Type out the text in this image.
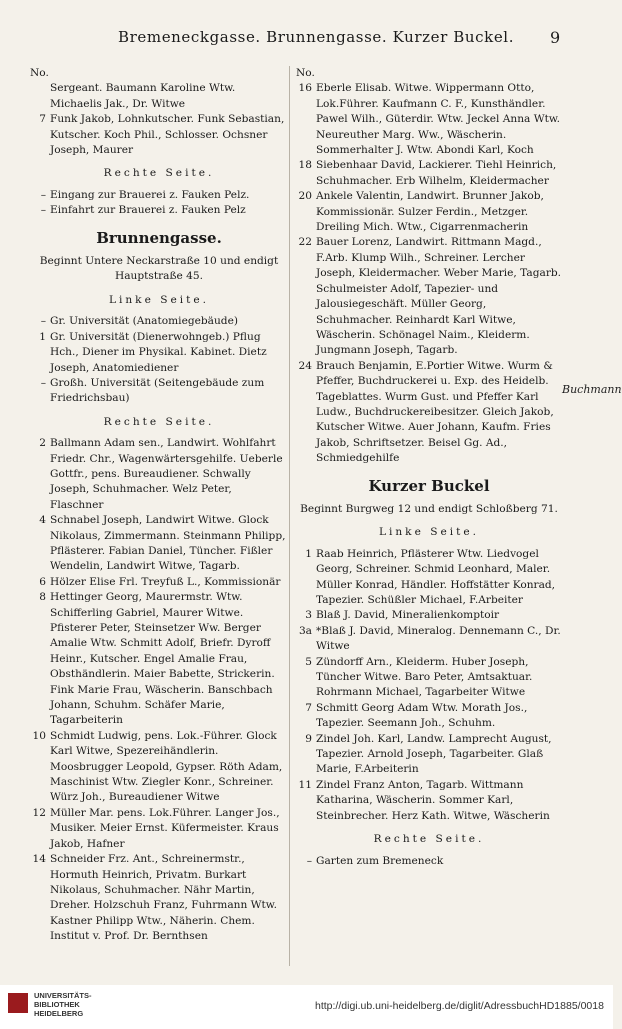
Bremeneckgasse. Brunnengasse. Kurzer Buckel. 9
No.

Sergeant. Baumann Karoline Wtw. Michaelis Jak., Dr. Witwe

7 Funk Jakob, Lohnkutscher. Funk Sebastian, Kutscher. Koch Phil., Schlosser. Ochsner Joseph, Maurer

Rechte Seite.
– Eingang zur Brauerei z. Fauken Pelz.

– Einfahrt zur Brauerei z. Fauken Pelz

Brunnengasse.
Beginnt Untere Neckarstraße 10 und endigt Hauptstraße 45.
Linke Seite.
– Gr. Universität (Anatomiegebäude)

1 Gr. Universität (Dienerwohngeb.) Pflug Hch., Diener im Physikal. Kabinet. Dietz Joseph, Anatomiediener

– Großh. Universität (Seitengebäude zum Friedrichsbau)

Rechte Seite.
2 Ballmann Adam sen., Landwirt. Wohlfahrt Friedr. Chr., Wagenwärtersgehilfe. Ueberle Gottfr., pens. Bureaudiener. Schwally Joseph, Schuhmacher. Welz Peter, Flaschner

4 Schnabel Joseph, Landwirt Witwe. Glock Nikolaus, Zimmermann. Steinmann Philipp, Pflästerer. Fabian Daniel, Tüncher. Fißler Wendelin, Landwirt Witwe, Tagarb.

6 Hölzer Elise Frl. Treyfuß L., Kommissionär

8 Hettinger Georg, Maurermstr. Wtw. Schifferling Gabriel, Maurer Witwe. Pfisterer Peter, Steinsetzer Ww. Berger Amalie Wtw. Schmitt Adolf, Briefr. Dyroff Heinr., Kutscher. Engel Amalie Frau, Obsthändlerin. Maier Babette, Strickerin. Fink Marie Frau, Wäscherin. Banschbach Johann, Schuhm. Schäfer Marie, Tagarbeiterin

10 Schmidt Ludwig, pens. Lok.-Führer. Glock Karl Witwe, Spezereihändlerin. Moosbrugger Leopold, Gypser. Röth Adam, Maschinist Wtw. Ziegler Konr., Schreiner. Würz Joh., Bureaudiener Witwe

12 Müller Mar. pens. Lok.Führer. Langer Jos., Musiker. Meier Ernst. Küfermeister. Kraus Jakob, Hafner

14 Schneider Frz. Ant., Schreinermstr., Hormuth Heinrich, Privatm. Burkart Nikolaus, Schuhmacher. Nähr Martin, Dreher. Holzschuh Franz, Fuhrmann Wtw. Kastner Philipp Wtw., Näherin. Chem. Institut v. Prof. Dr. Bernthsen

No.
16 Eberle Elisab. Witwe. Wippermann Otto, Lok.Führer. Kaufmann C. F., Kunsthändler. Pawel Wilh., Güterdir. Wtw. Jeckel Anna Wtw. Neureuther Marg. Ww., Wäscherin. Sommerhalter J. Wtw. Abondi Karl, Koch

18 Siebenhaar David, Lackierer. Tiehl Heinrich, Schuhmacher. Erb Wilhelm, Kleidermacher

20 Ankele Valentin, Landwirt. Brunner Jakob, Kommissionär. Sulzer Ferdin., Metzger. Dreiling Mich. Wtw., Cigarrenmacherin

22 Bauer Lorenz, Landwirt. Rittmann Magd., F.Arb. Klump Wilh., Schreiner. Lercher Joseph, Kleidermacher. Weber Marie, Tagarb. Schulmeister Adolf, Tapezier- und Jalousiegeschäft. Müller Georg, Schuhmacher. Reinhardt Karl Witwe, Wäscherin. Schönagel Naim., Kleiderm. Jungmann Joseph, Tagarb.

24 Brauch Benjamin, E.Portier Witwe. Wurm & Pfeffer, Buchdruckerei u. Exp. des Heidelb. Tageblattes. Wurm Gust. und Pfeffer Karl Ludw., Buchdruckereibesitzer. Gleich Jakob, Kutscher Witwe. Auer Johann, Kaufm. Fries Jakob, Schriftsetzer. Beisel Gg. Ad., Schmiedgehilfe

Kurzer Buckel
Beginnt Burgweg 12 und endigt Schloßberg 71.
Linke Seite.
1 Raab Heinrich, Pflästerer Wtw. Liedvogel Georg, Schreiner. Schmid Leonhard, Maler. Müller Konrad, Händler. Hoffstätter Konrad, Tapezier. Schüßler Michael, F.Arbeiter

3 Blaß J. David, Mineralienkomptoir

3a *Blaß J. David, Mineralog. Dennemann C., Dr. Witwe

5 Zündorff Arn., Kleiderm. Huber Joseph, Tüncher Witwe. Baro Peter, Amtsaktuar. Rohrmann Michael, Tagarbeiter Witwe

7 Schmitt Georg Adam Wtw. Morath Jos., Tapezier. Seemann Joh., Schuhm.

9 Zindel Joh. Karl, Landw. Lamprecht August, Tapezier. Arnold Joseph, Tagarbeiter. Glaß Marie, F.Arbeiterin

11 Zindel Franz Anton, Tagarb. Wittmann Katharina, Wäscherin. Sommer Karl, Steinbrecher. Herz Kath. Witwe, Wäscherin

Rechte Seite.
– Garten zum Bremeneck

Buchmann
UNIVERSITÄTS-
BIBLIOTHEK
HEIDELBERG
http://digi.ub.uni-heidelberg.de/diglit/AdressbuchHD1885/0018
